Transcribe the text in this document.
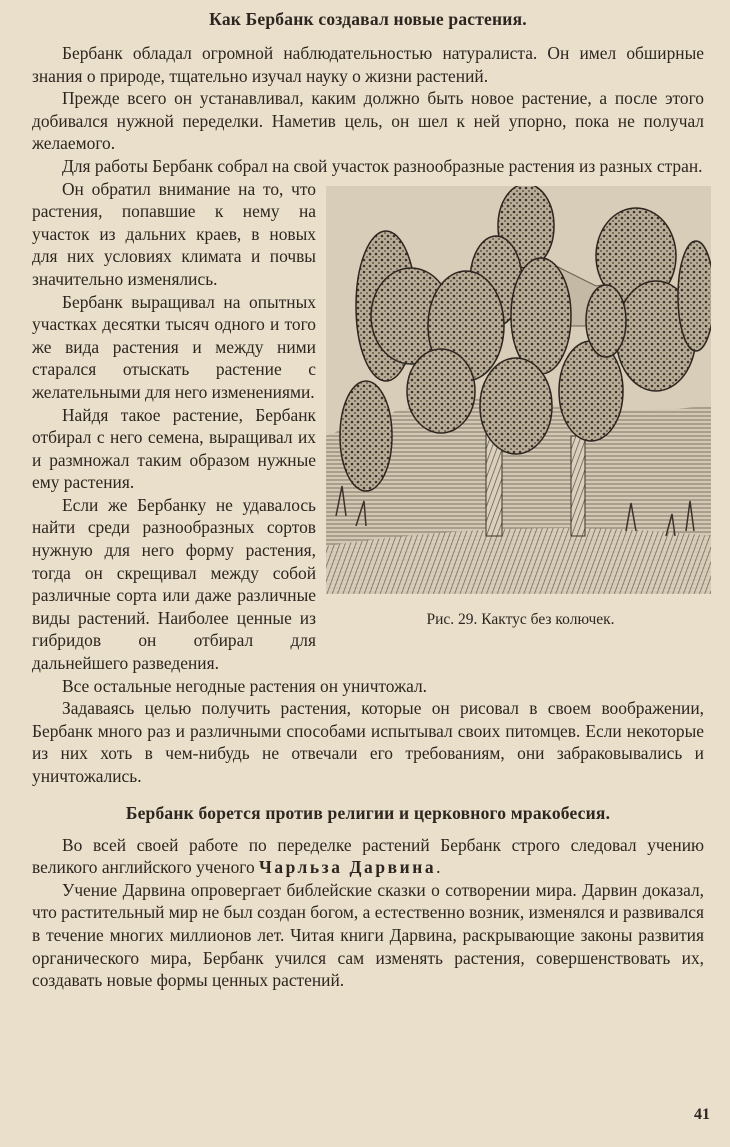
Как Бербанк создавал новые растения.

Бербанк обладал огромной наблюдательностью натуралиста. Он имел обширные знания о природе, тщательно изучал науку о жизни растений.

Прежде всего он устанавливал, каким должно быть новое растение, а после этого добивался нужной переделки. Наметив цель, он шел к ней упорно, пока не получал желаемого.

Для работы Бербанк собрал на свой участок разнообразные растения из разных стран.

Рис. 29. Кактус без колючек.

Он обратил внимание на то, что растения, попавшие к нему на участок из дальних краев, в новых для них условиях климата и почвы значительно изменялись.

Бербанк выращивал на опытных участках десятки тысяч одного и того же вида растения и между ними старался отыскать растение с желательными для него изменениями.

Найдя такое растение, Бербанк отбирал с него семена, выращивал их и размножал таким образом нужные ему растения.

Если же Бербанку не удавалось найти среди разнообразных сортов нужную для него форму растения, тогда он скрещивал между собой различные сорта или даже различные виды растений. Наиболее ценные из гибридов он отбирал для дальнейшего разведения.

Все остальные негодные растения он уничтожал.

Задаваясь целью получить растения, которые он рисовал в своем воображении, Бербанк много раз и различными способами испытывал своих питомцев. Если некоторые из них хоть в чем-нибудь не отвечали его требованиям, они забраковывались и уничтожались.

Бербанк борется против религии и церковного мракобесия.

Во всей своей работе по переделке растений Бербанк строго следовал учению великого английского ученого Чарльза Дарвина.

Учение Дарвина опровергает библейские сказки о сотворении мира. Дарвин доказал, что растительный мир не был создан богом, а естественно возник, изменялся и развивался в течение многих миллионов лет. Читая книги Дарвина, раскрывающие законы развития органического мира, Бербанк учился сам изменять растения, совершенствовать их, создавать новые формы ценных растений.

41
